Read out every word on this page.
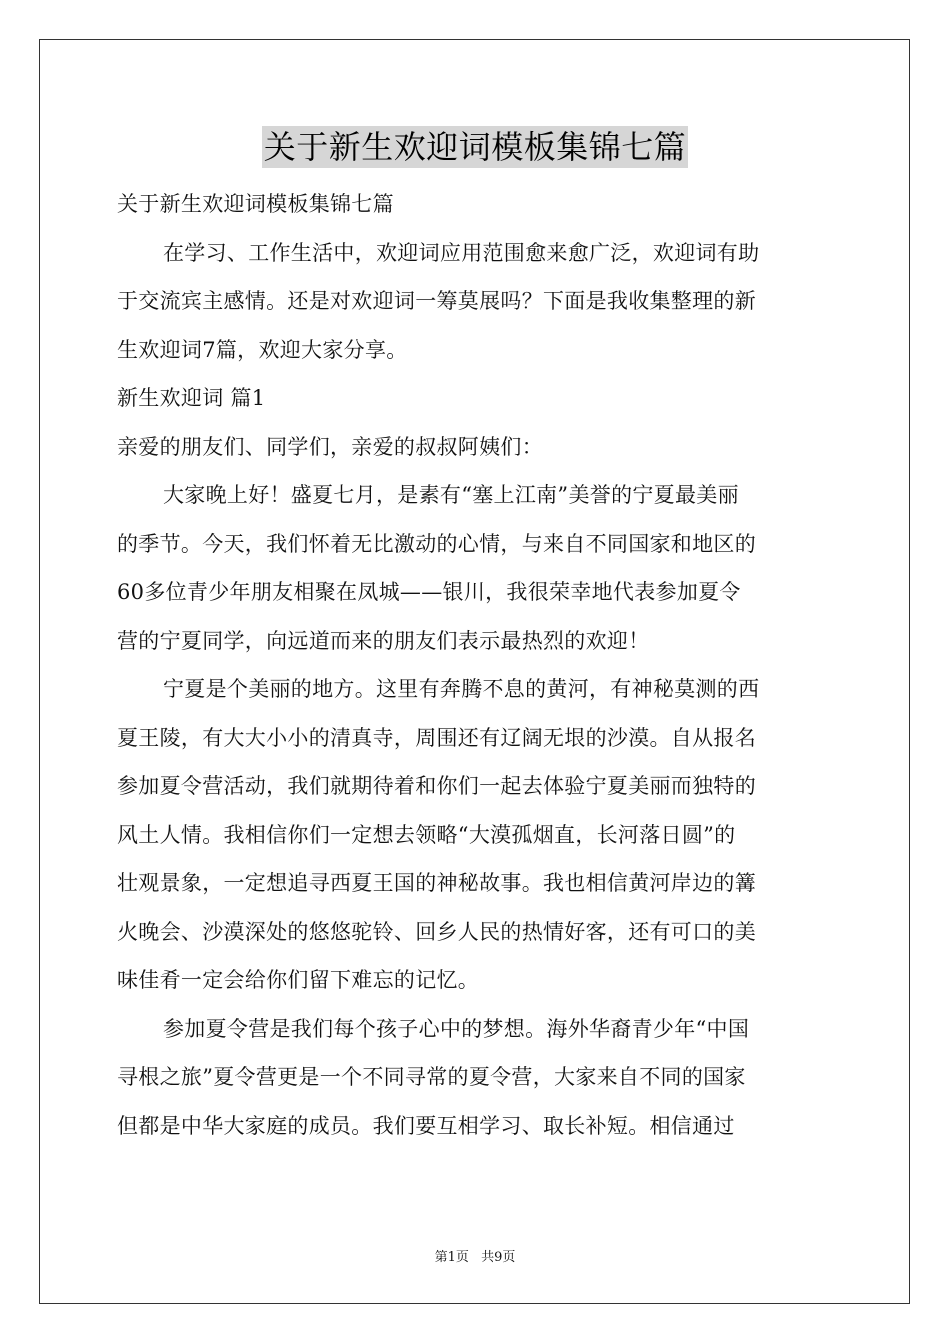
关于新生欢迎词模板集锦七篇
关于新生欢迎词模板集锦七篇
在学习、工作生活中，欢迎词应用范围愈来愈广泛，欢迎词有助
于交流宾主感情。还是对欢迎词一筹莫展吗？下面是我收集整理的新
生欢迎词7篇，欢迎大家分享。
新生欢迎词 篇1
亲爱的朋友们、同学们，亲爱的叔叔阿姨们：
大家晚上好！盛夏七月，是素有“塞上江南”美誉的宁夏最美丽
的季节。今天，我们怀着无比激动的心情，与来自不同国家和地区的
60多位青少年朋友相聚在凤城——银川，我很荣幸地代表参加夏令
营的宁夏同学，向远道而来的朋友们表示最热烈的欢迎！
宁夏是个美丽的地方。这里有奔腾不息的黄河，有神秘莫测的西
夏王陵，有大大小小的清真寺，周围还有辽阔无垠的沙漠。自从报名
参加夏令营活动，我们就期待着和你们一起去体验宁夏美丽而独特的
风土人情。我相信你们一定想去领略“大漠孤烟直，长河落日圆”的
壮观景象，一定想追寻西夏王国的神秘故事。我也相信黄河岸边的篝
火晚会、沙漠深处的悠悠驼铃、回乡人民的热情好客，还有可口的美
味佳肴一定会给你们留下难忘的记忆。
参加夏令营是我们每个孩子心中的梦想。海外华裔青少年“中国
寻根之旅”夏令营更是一个不同寻常的夏令营，大家来自不同的国家
但都是中华大家庭的成员。我们要互相学习、取长补短。相信通过
第1页 共9页
